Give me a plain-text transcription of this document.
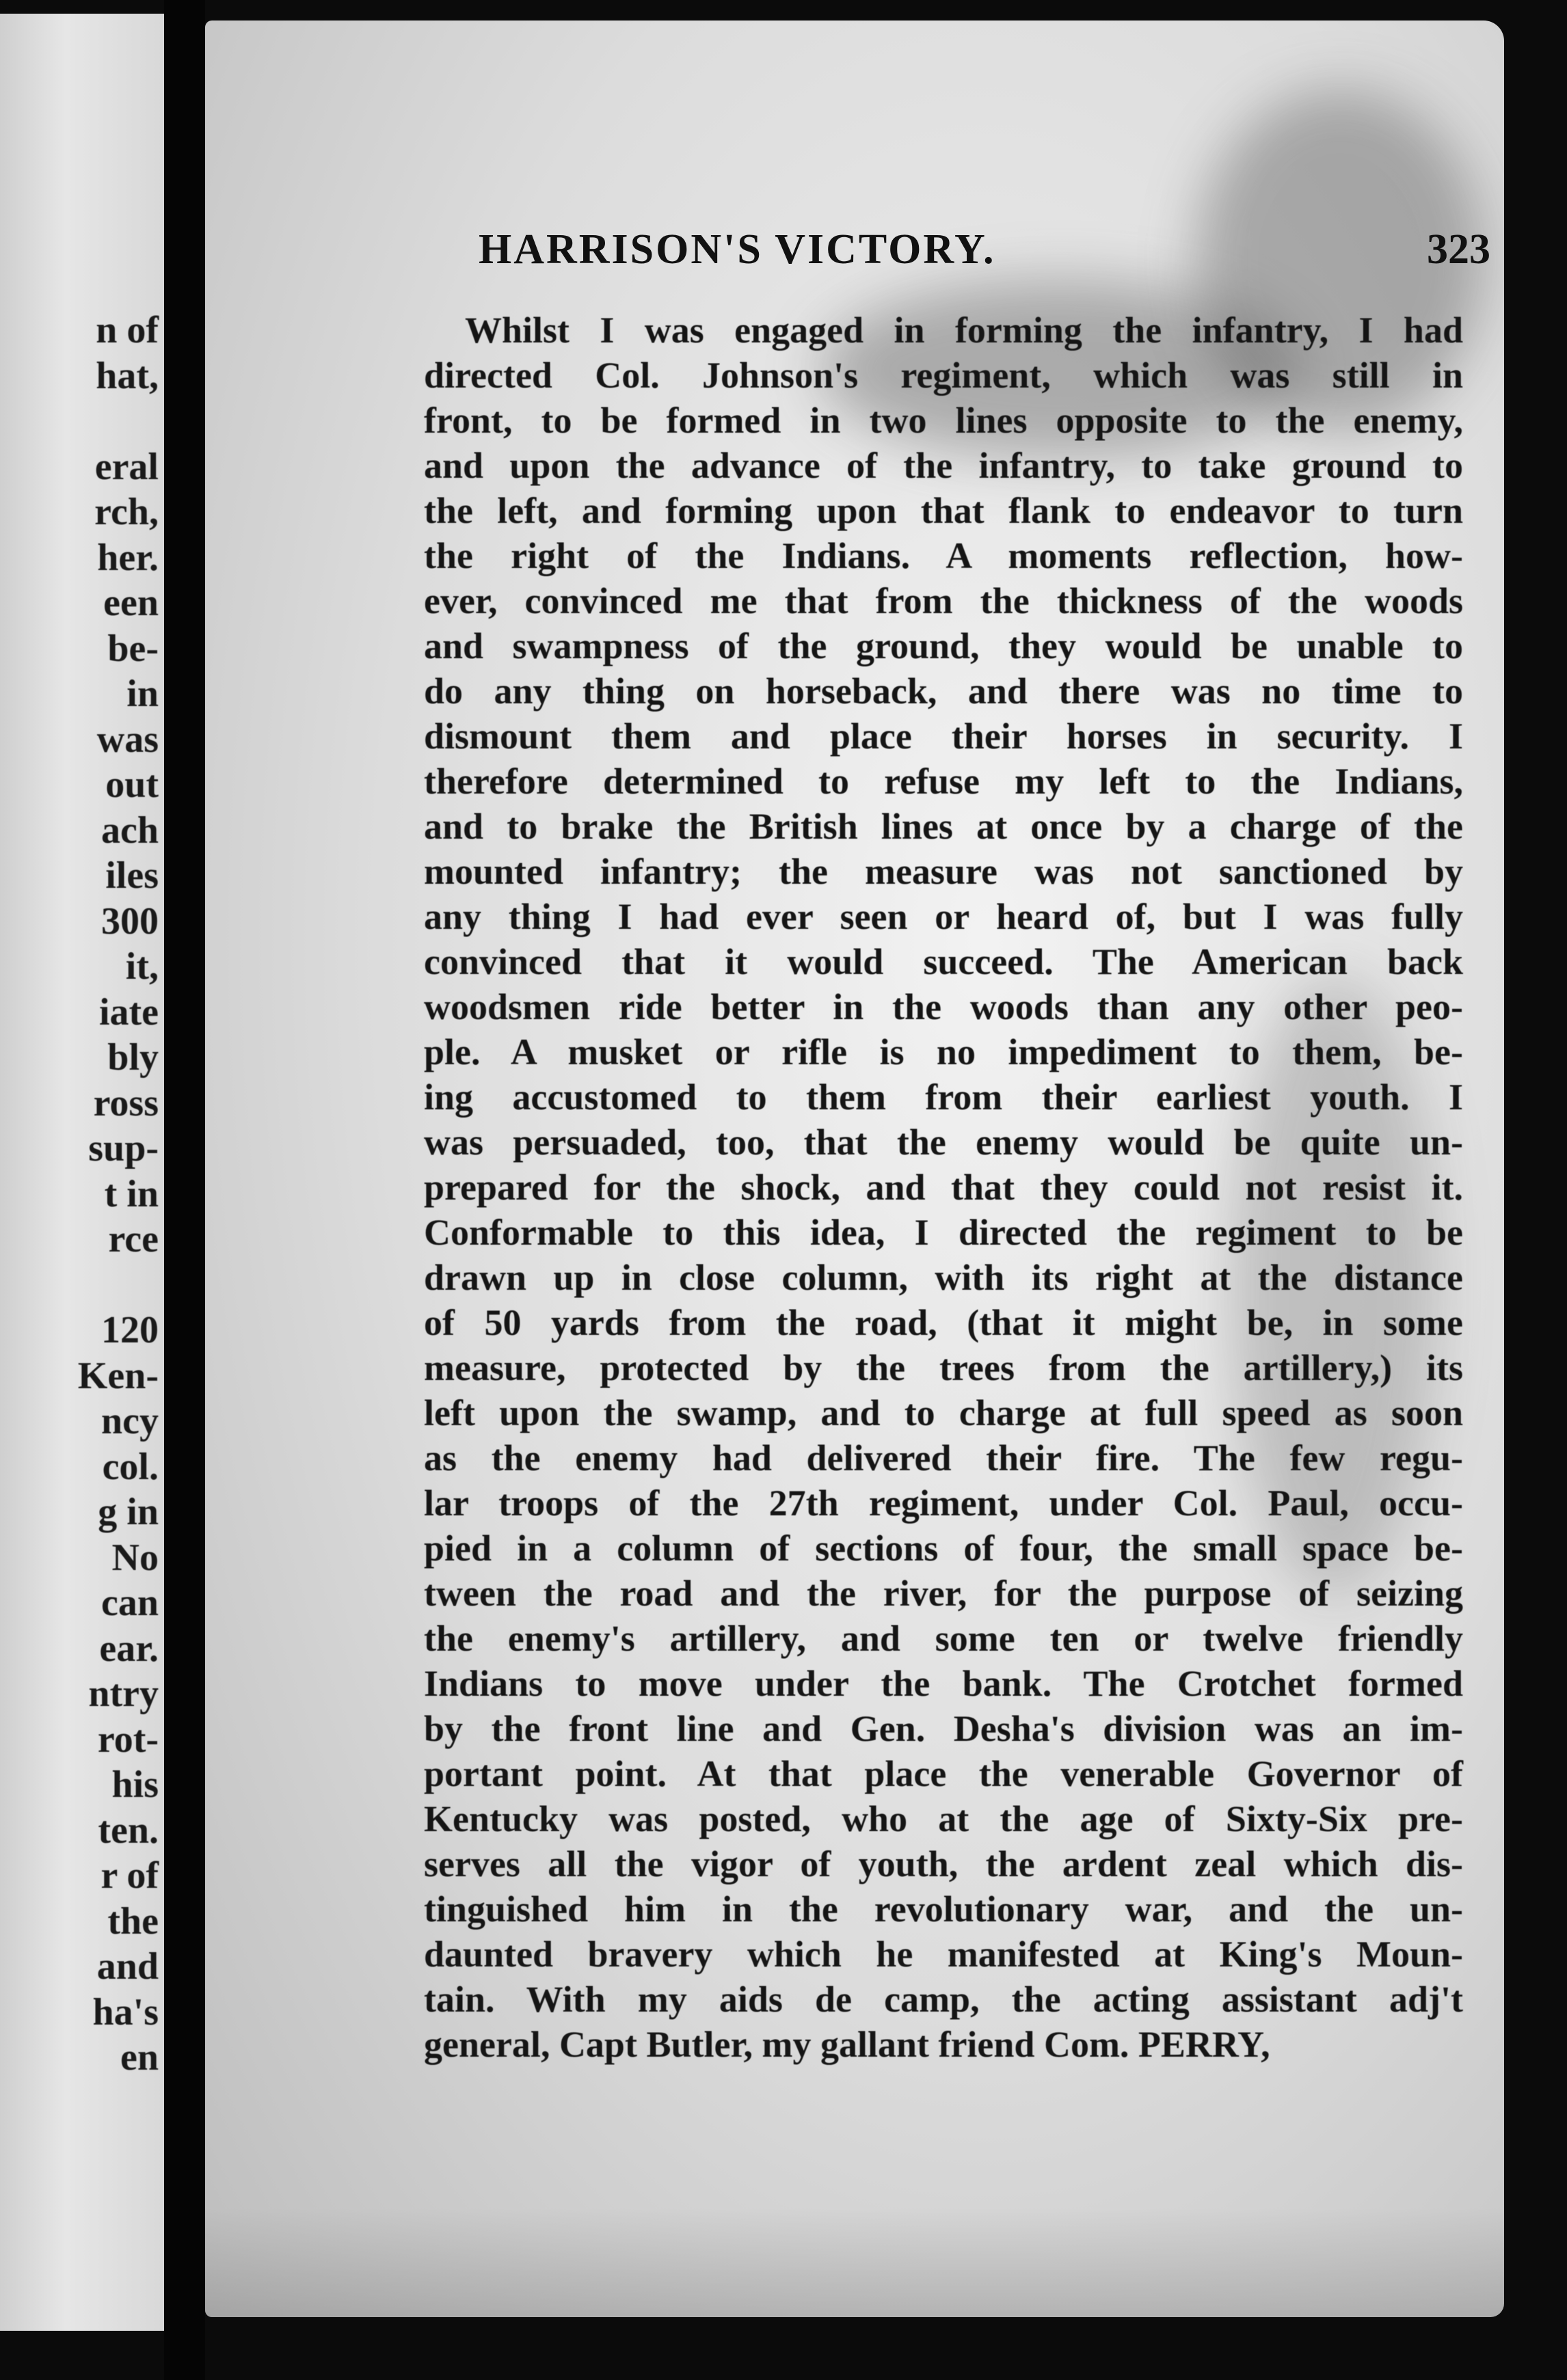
n of
hat,

eral
rch,
her.
een
be-
in
was
out
ach
iles
300
it,
iate
bly
ross
sup-
t in
rce

120
Ken-
ncy
col.
g in
No
can
ear.
ntry
rot-
his
ten.
r of
the
and
ha's
en
HARRISON'S VICTORY.	323
Whilst I was engaged in forming the infantry, I had
directed Col. Johnson's regiment, which was still in
front, to be formed in two lines opposite to the enemy,
and upon the advance of the infantry, to take ground to
the left, and forming upon that flank to endeavor to turn
the right of the Indians. A moments reflection, how-
ever, convinced me that from the thickness of the woods
and swampness of the ground, they would be unable to
do any thing on horseback, and there was no time to
dismount them and place their horses in security. I
therefore determined to refuse my left to the Indians,
and to brake the British lines at once by a charge of the
mounted infantry; the measure was not sanctioned by
any thing I had ever seen or heard of, but I was fully
convinced that it would succeed. The American back
woodsmen ride better in the woods than any other peo-
ple. A musket or rifle is no impediment to them, be-
ing accustomed to them from their earliest youth. I
was persuaded, too, that the enemy would be quite un-
prepared for the shock, and that they could not resist it.
Conformable to this idea, I directed the regiment to be
drawn up in close column, with its right at the distance
of 50 yards from the road, (that it might be, in some
measure, protected by the trees from the artillery,) its
left upon the swamp, and to charge at full speed as soon
as the enemy had delivered their fire. The few regu-
lar troops of the 27th regiment, under Col. Paul, occu-
pied in a column of sections of four, the small space be-
tween the road and the river, for the purpose of seizing
the enemy's artillery, and some ten or twelve friendly
Indians to move under the bank. The Crotchet formed
by the front line and Gen. Desha's division was an im-
portant point. At that place the venerable Governor of
Kentucky was posted, who at the age of Sixty-Six pre-
serves all the vigor of youth, the ardent zeal which dis-
tinguished him in the revolutionary war, and the un-
daunted bravery which he manifested at King's Moun-
tain. With my aids de camp, the acting assistant adj't
general, Capt Butler, my gallant friend Com. PERRY,
